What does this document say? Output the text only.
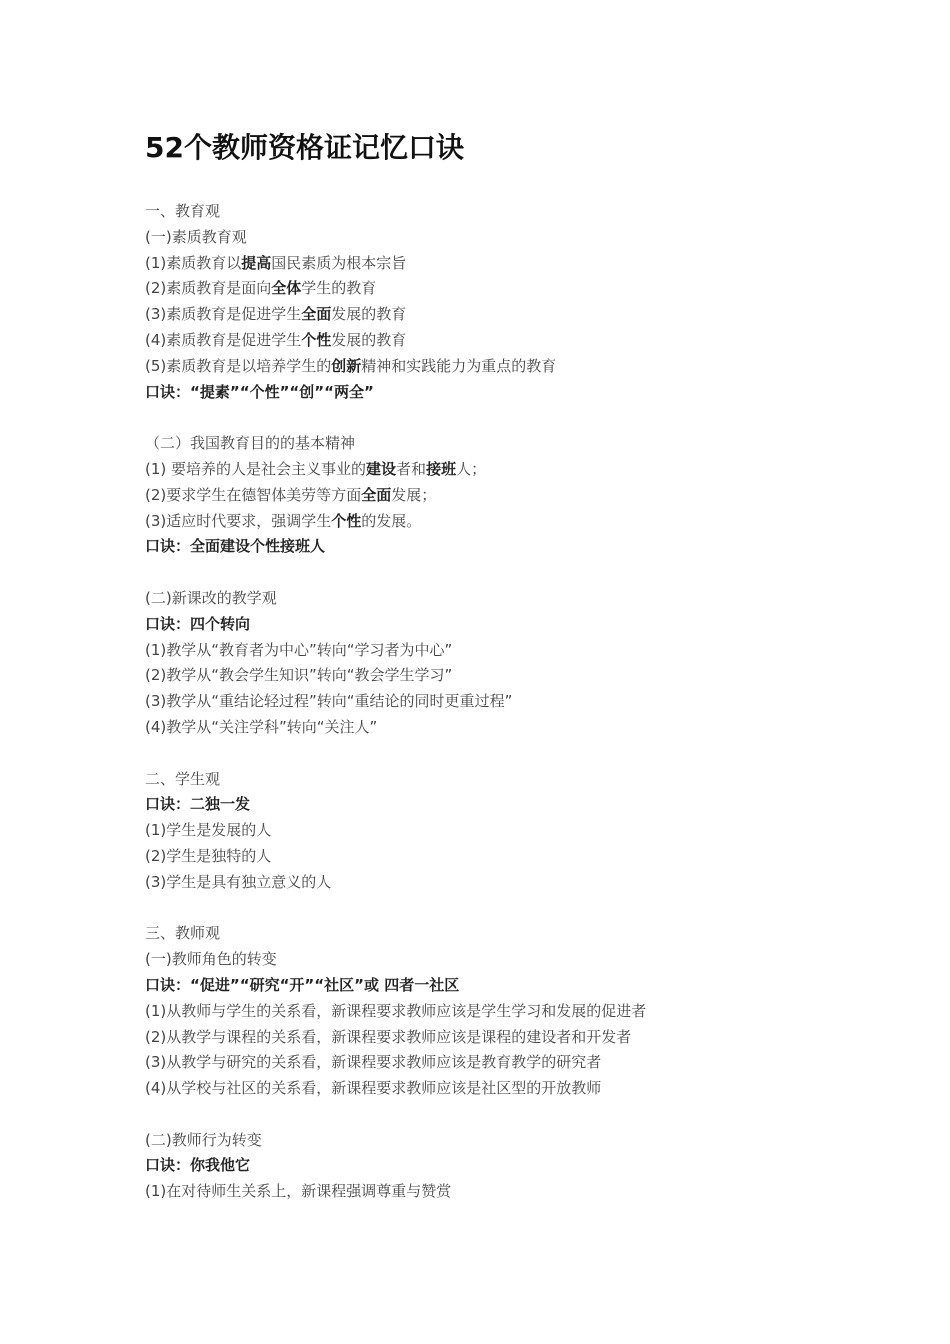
52个教师资格证记忆口诀
一、教育观
(一)素质教育观
(1)素质教育以提高国民素质为根本宗旨
(2)素质教育是面向全体学生的教育
(3)素质教育是促进学生全面发展的教育
(4)素质教育是促进学生个性发展的教育
(5)素质教育是以培养学生的创新精神和实践能力为重点的教育
口诀：“提素”“个性”“创”“两全”
（二）我国教育目的的基本精神
(1) 要培养的人是社会主义事业的建设者和接班人；
(2)要求学生在德智体美劳等方面全面发展；
(3)适应时代要求，强调学生个性的发展。
口诀：全面建设个性接班人
(二)新课改的教学观
口诀：四个转向
(1)教学从“教育者为中心”转向“学习者为中心”
(2)教学从“教会学生知识”转向“教会学生学习”
(3)教学从“重结论轻过程”转向“重结论的同时更重过程”
(4)教学从“关注学科”转向“关注人”
二、学生观
口诀：二独一发
(1)学生是发展的人
(2)学生是独特的人
(3)学生是具有独立意义的人
三、教师观
(一)教师角色的转变
口诀：“促进”“研究“开”“社区”或 四者一社区
(1)从教师与学生的关系看，新课程要求教师应该是学生学习和发展的促进者
(2)从教学与课程的关系看，新课程要求教师应该是课程的建设者和开发者
(3)从教学与研究的关系看，新课程要求教师应该是教育教学的研究者
(4)从学校与社区的关系看，新课程要求教师应该是社区型的开放教师
(二)教师行为转变
口诀：你我他它
(1)在对待师生关系上，新课程强调尊重与赞赏
